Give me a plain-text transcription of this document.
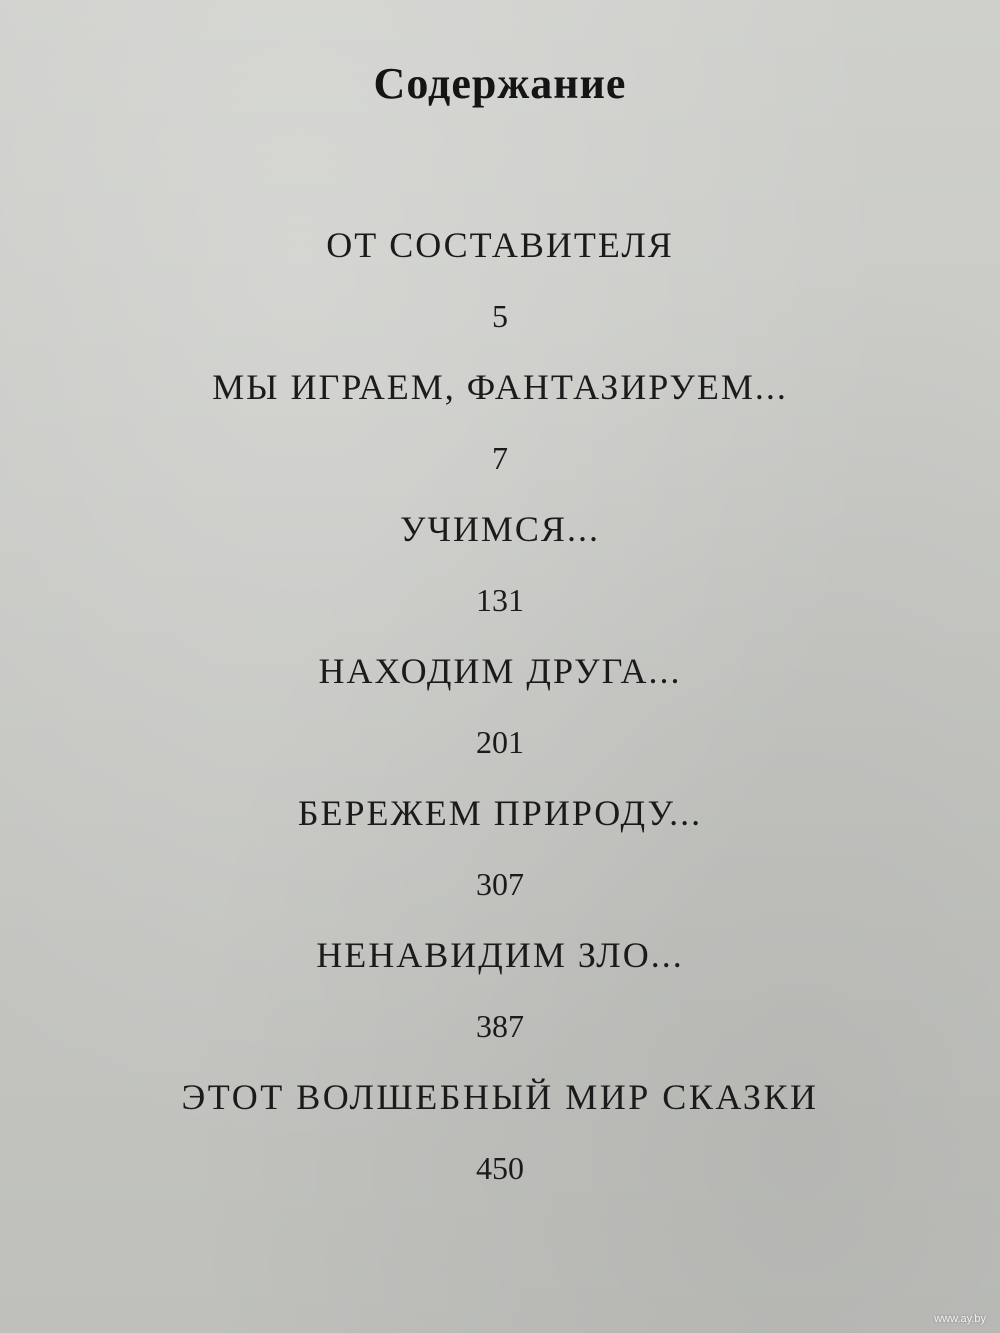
Содержание
ОТ СОСТАВИТЕЛЯ
5
МЫ ИГРАЕМ, ФАНТАЗИРУЕМ...
7
УЧИМСЯ...
131
НАХОДИМ ДРУГА...
201
БЕРЕЖЕМ ПРИРОДУ...
307
НЕНАВИДИМ ЗЛО...
387
ЭТОТ ВОЛШЕБНЫЙ МИР СКАЗКИ
450
www.ay.by
